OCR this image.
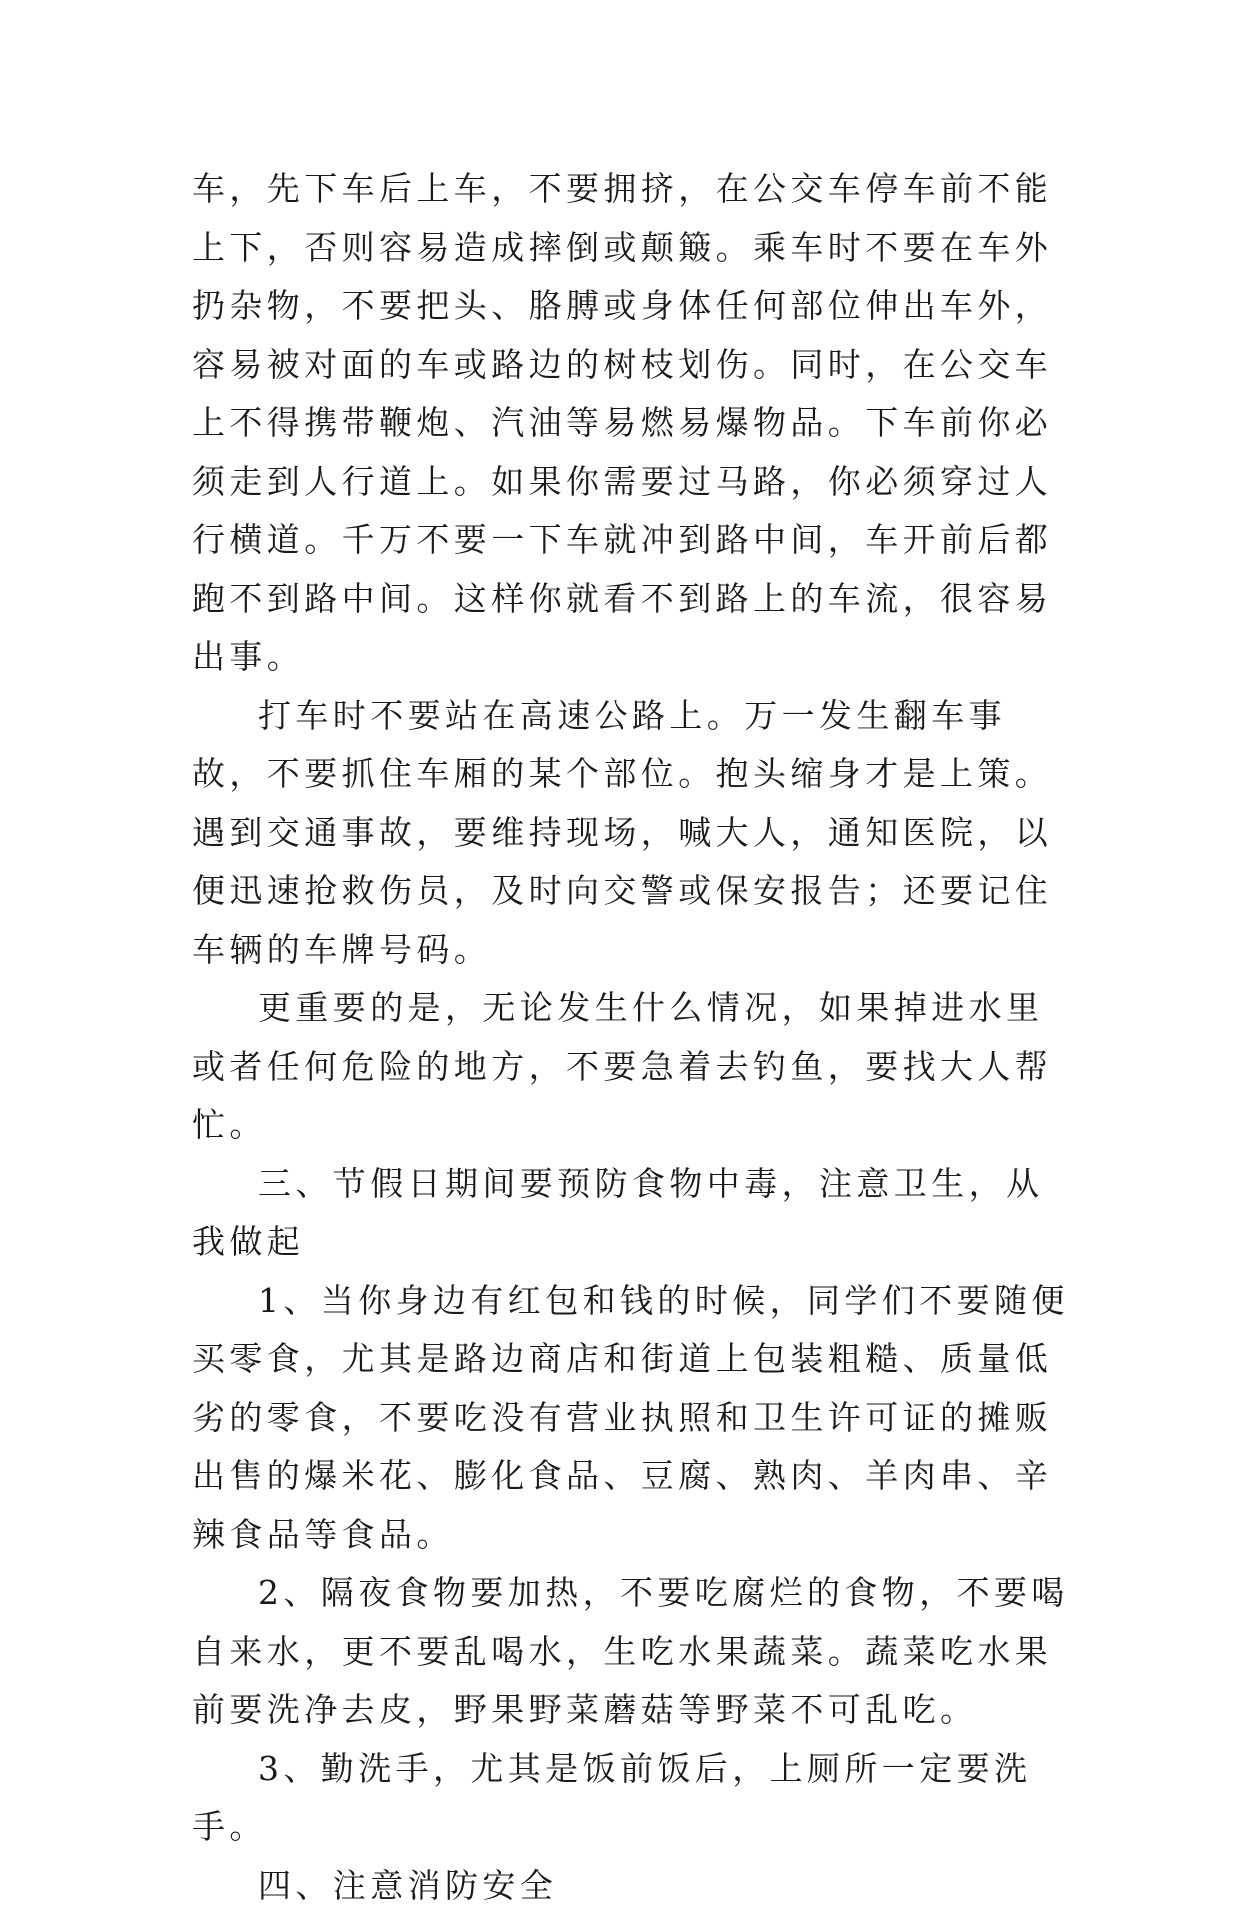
车，先下车后上车，不要拥挤，在公交车停车前不能上下，否则容易造成摔倒或颠簸。乘车时不要在车外扔杂物，不要把头、胳膊或身体任何部位伸出车外，容易被对面的车或路边的树枝划伤。同时，在公交车上不得携带鞭炮、汽油等易燃易爆物品。下车前你必须走到人行道上。如果你需要过马路，你必须穿过人行横道。千万不要一下车就冲到路中间，车开前后都跑不到路中间。这样你就看不到路上的车流，很容易出事。

打车时不要站在高速公路上。万一发生翻车事故，不要抓住车厢的某个部位。抱头缩身才是上策。遇到交通事故，要维持现场，喊大人，通知医院，以便迅速抢救伤员，及时向交警或保安报告；还要记住车辆的车牌号码。

更重要的是，无论发生什么情况，如果掉进水里或者任何危险的地方，不要急着去钓鱼，要找大人帮忙。

三、节假日期间要预防食物中毒，注意卫生，从我做起

1、当你身边有红包和钱的时候，同学们不要随便买零食，尤其是路边商店和街道上包装粗糙、质量低劣的零食，不要吃没有营业执照和卫生许可证的摊贩出售的爆米花、膨化食品、豆腐、熟肉、羊肉串、辛辣食品等食品。

2、隔夜食物要加热，不要吃腐烂的食物，不要喝自来水，更不要乱喝水，生吃水果蔬菜。蔬菜吃水果前要洗净去皮，野果野菜蘑菇等野菜不可乱吃。

3、勤洗手，尤其是饭前饭后，上厕所一定要洗手。

四、注意消防安全
